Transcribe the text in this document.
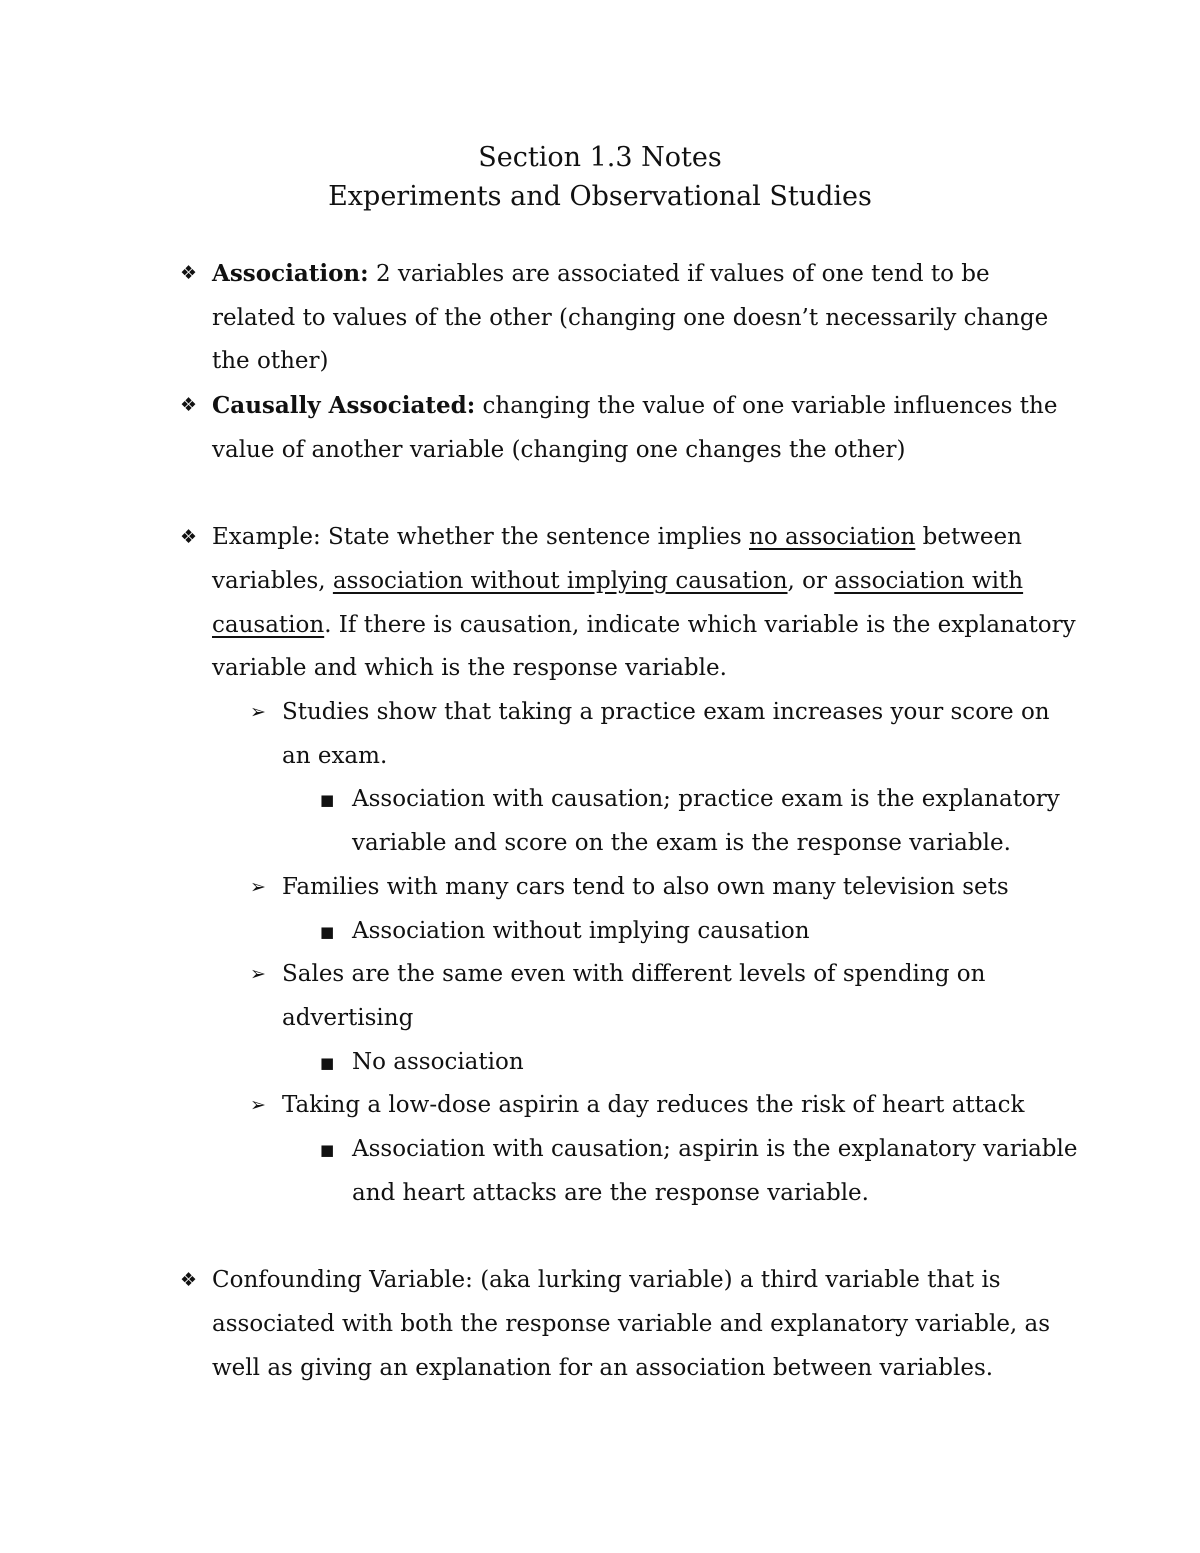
Section 1.3 Notes
Experiments and Observational Studies
❖ Association: 2 variables are associated if values of one tend to be related to values of the other (changing one doesn’t necessarily change the other)
❖ Causally Associated: changing the value of one variable influences the value of another variable (changing one changes the other)
❖ Example: State whether the sentence implies no association between variables, association without implying causation, or association with causation. If there is causation, indicate which variable is the explanatory variable and which is the response variable.
➢ Studies show that taking a practice exam increases your score on an exam.
■ Association with causation; practice exam is the explanatory variable and score on the exam is the response variable.
➢ Families with many cars tend to also own many television sets
■ Association without implying causation
➢ Sales are the same even with different levels of spending on advertising
■ No association
➢ Taking a low-dose aspirin a day reduces the risk of heart attack
■ Association with causation; aspirin is the explanatory variable and heart attacks are the response variable.
❖ Confounding Variable: (aka lurking variable) a third variable that is associated with both the response variable and explanatory variable, as well as giving an explanation for an association between variables.
